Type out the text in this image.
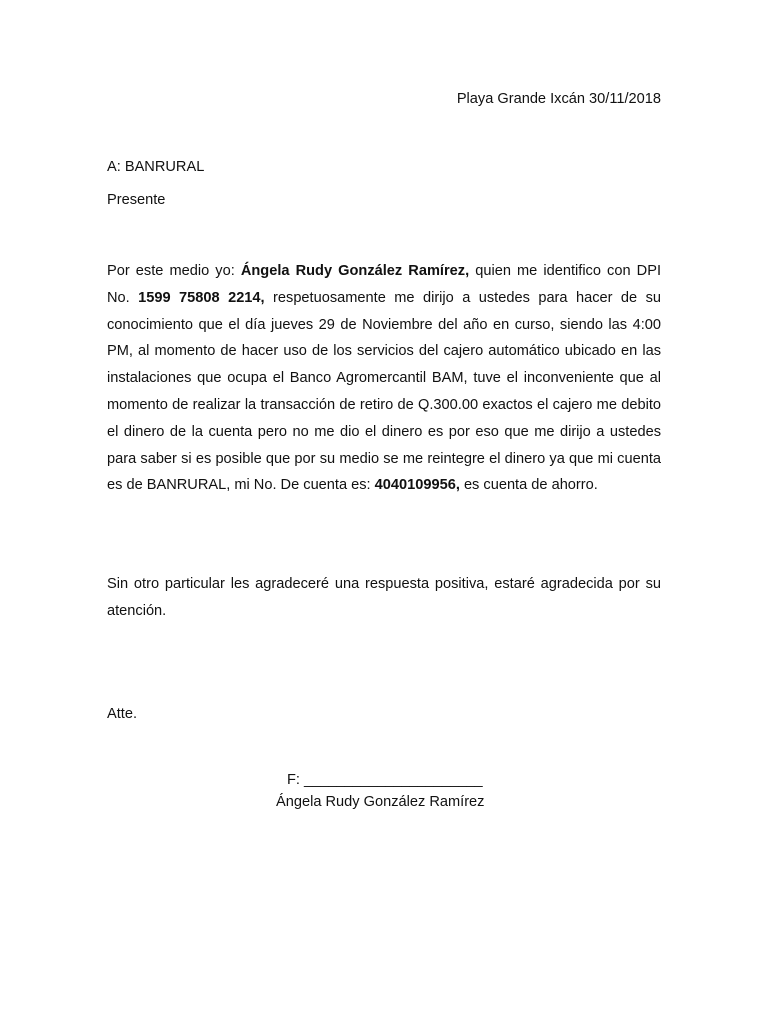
Playa Grande Ixcán 30/11/2018
A: BANRURAL
Presente
Por este medio yo: Ángela Rudy González Ramírez, quien me identifico con DPI No. 1599 75808 2214, respetuosamente me dirijo a ustedes para hacer de su conocimiento que el día jueves 29 de Noviembre del año en curso, siendo las 4:00 PM, al momento de hacer uso de los servicios del cajero automático ubicado en las instalaciones que ocupa el Banco Agromercantil BAM, tuve el inconveniente que al momento de realizar la transacción de retiro de Q.300.00 exactos el cajero me debito el dinero de la cuenta pero no me dio el dinero es por eso que me dirijo a ustedes para saber si es posible que por su medio se me reintegre el dinero ya que mi cuenta es de BANRURAL, mi No. De cuenta es: 4040109956, es cuenta de ahorro.
Sin otro particular les agradeceré una respuesta positiva, estaré agradecida por su atención.
Atte.
F: ______________________
Ángela Rudy González Ramírez
